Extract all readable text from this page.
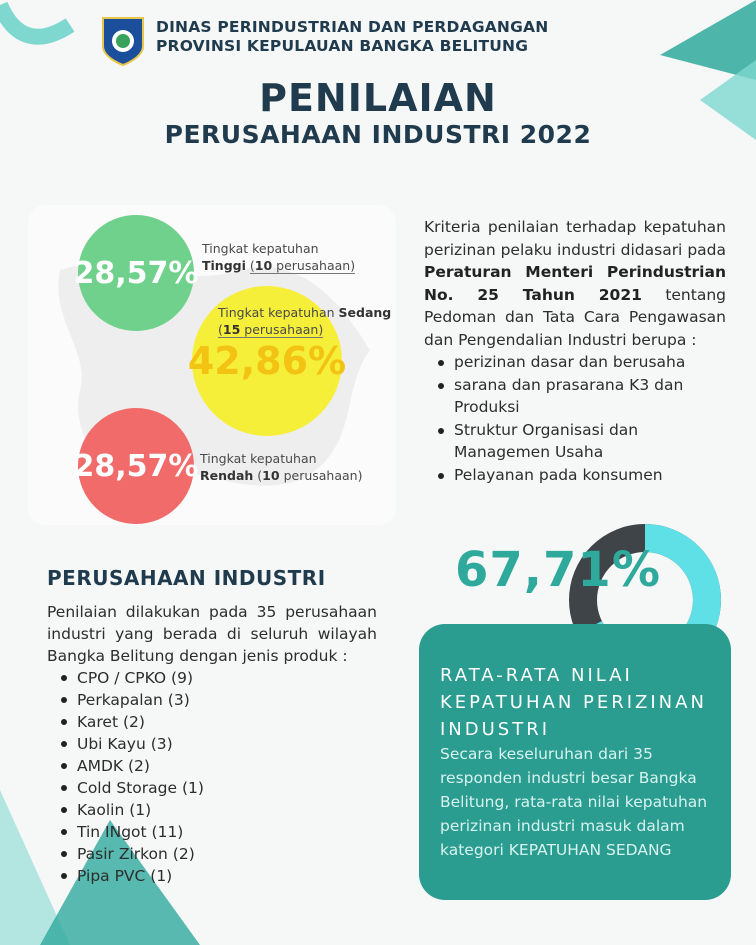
DINAS PERINDUSTRIAN DAN PERDAGANGAN
PROVINSI KEPULAUAN BANGKA BELITUNG
PENILAIAN
PERUSAHAAN INDUSTRI 2022
28,57%
42,86%
28,57%
Tingkat kepatuhan
Tinggi (10 perusahaan)
Tingkat kepatuhan Sedang
(15 perusahaan)
Tingkat kepatuhan
Rendah (10 perusahaan)
Kriteria penilaian terhadap kepatuhan perizinan pelaku industri didasari pada Peraturan Menteri Perindustrian No. 25 Tahun 2021 tentang Pedoman dan Tata Cara Pengawasan dan Pengendalian Industri berupa :
perizinan dasar dan berusaha
sarana dan prasarana K3 dan Produksi
Struktur Organisasi dan Managemen Usaha
Pelayanan pada konsumen
PERUSAHAAN INDUSTRI
Penilaian dilakukan pada 35 perusahaan industri yang berada di seluruh wilayah Bangka Belitung dengan jenis produk :
CPO / CPKO (9)
Perkapalan (3)
Karet (2)
Ubi Kayu (3)
AMDK (2)
Cold Storage (1)
Kaolin (1)
Tin INgot (11)
Pasir Zirkon (2)
Pipa PVC (1)
67,71%
RATA-RATA NILAI KEPATUHAN PERIZINAN INDUSTRI
Secara keseluruhan dari 35 responden industri besar Bangka Belitung, rata-rata nilai kepatuhan perizinan industri masuk dalam kategori KEPATUHAN SEDANG
